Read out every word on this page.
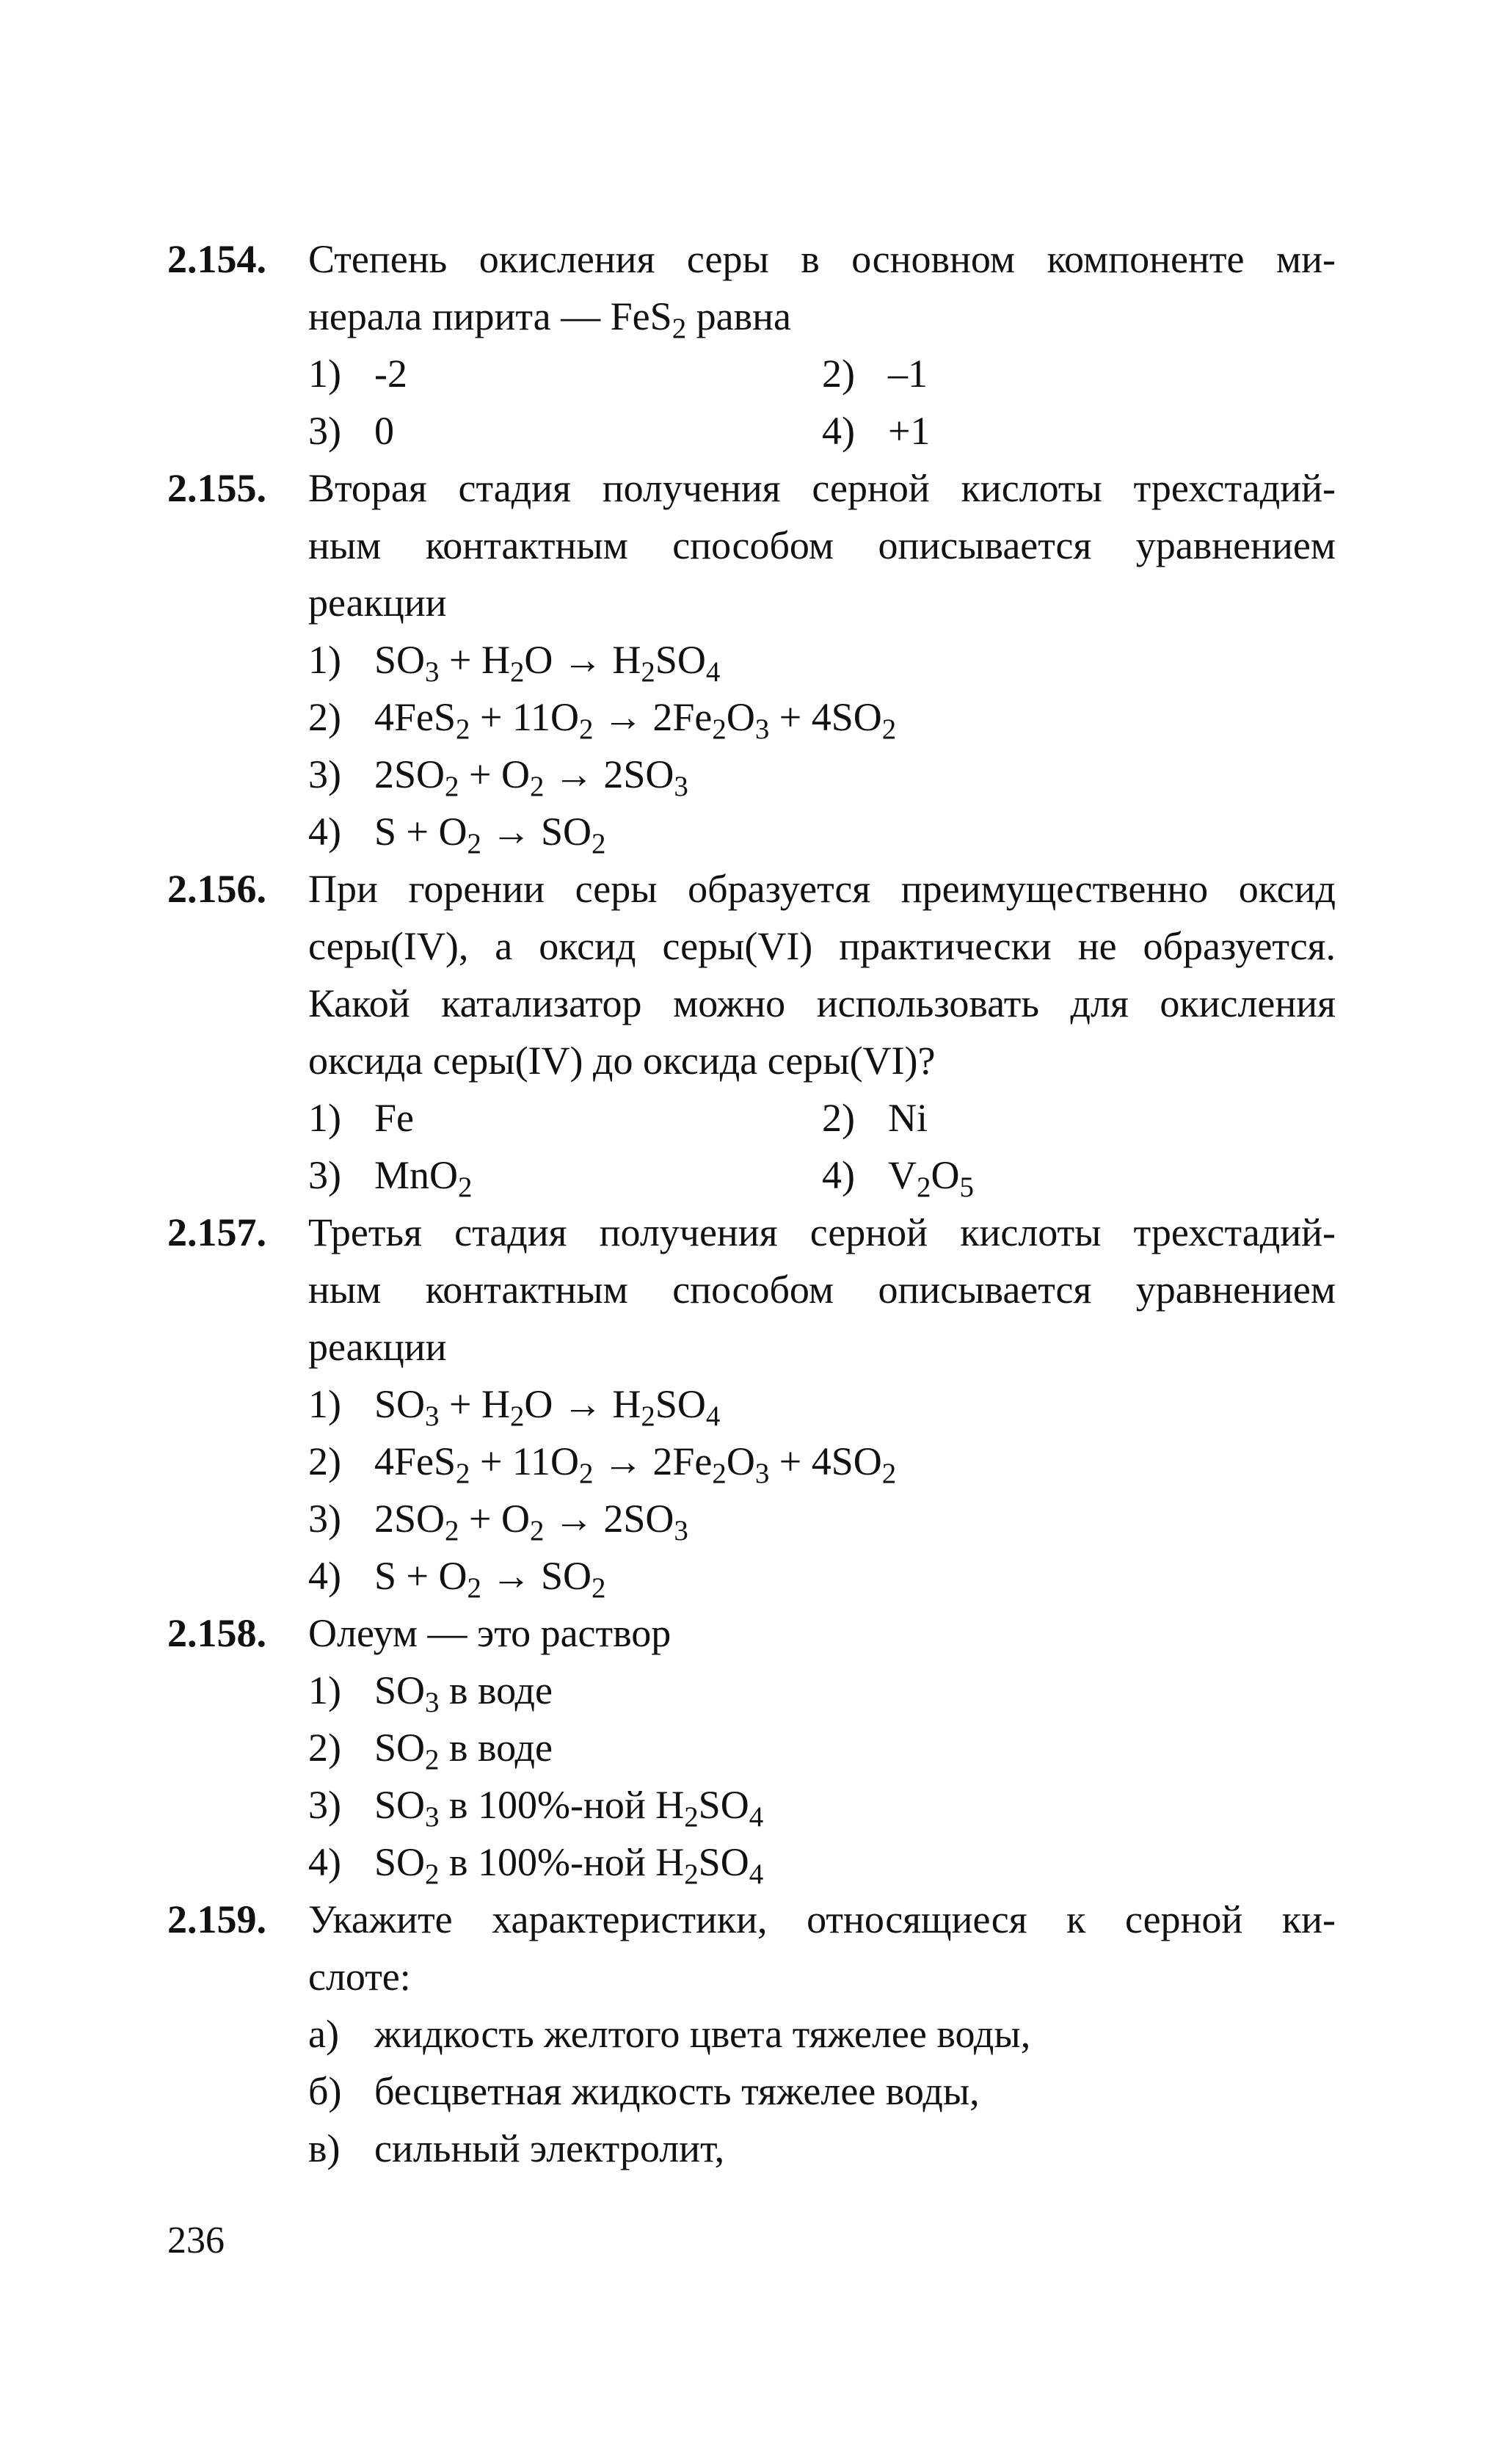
2.154. Степень окисления серы в основном компоненте ми-
нерала пирита — FeS$_2$ равна
1) -2	2) –1
3) 0	4) +1
2.155. Вторая стадия получения серной кислоты трехстадий-
ным контактным способом описывается уравнением
реакции
1) $SO_3 + H_2O \to H_2SO_4$
2) $4FeS_2 + 11O_2 \to 2Fe_2O_3 + 4SO_2$
3) $2SO_2 + O_2 \to 2SO_3$
4) $S + O_2 \to SO_2$
2.156. При горении серы образуется преимущественно оксид
серы(IV), а оксид серы(VI) практически не образуется.
Какой катализатор можно использовать для окисления
оксида серы(IV) до оксида серы(VI)?
1) Fe	2) Ni
3) MnO$_2$	4) $V_2O_5$
2.157. Третья стадия получения серной кислоты трехстадий-
ным контактным способом описывается уравнением
реакции
1) $SO_3 + H_2O \to H_2SO_4$
2) $4FeS_2 + 11O_2 \to 2Fe_2O_3 + 4SO_2$
3) $2SO_2 + O_2 \to 2SO_3$
4) $S + O_2 \to SO_2$
2.158. Олеум — это раствор
1) $SO_3$ в воде
2) $SO_2$ в воде
3) $SO_3$ в 100%-ной $H_2SO_4$
4) $SO_2$ в 100%-ной $H_2SO_4$
2.159. Укажите характеристики, относящиеся к серной ки-
слоте:
а) жидкость желтого цвета тяжелее воды,
б) бесцветная жидкость тяжелее воды,
в) сильный электролит,
236
